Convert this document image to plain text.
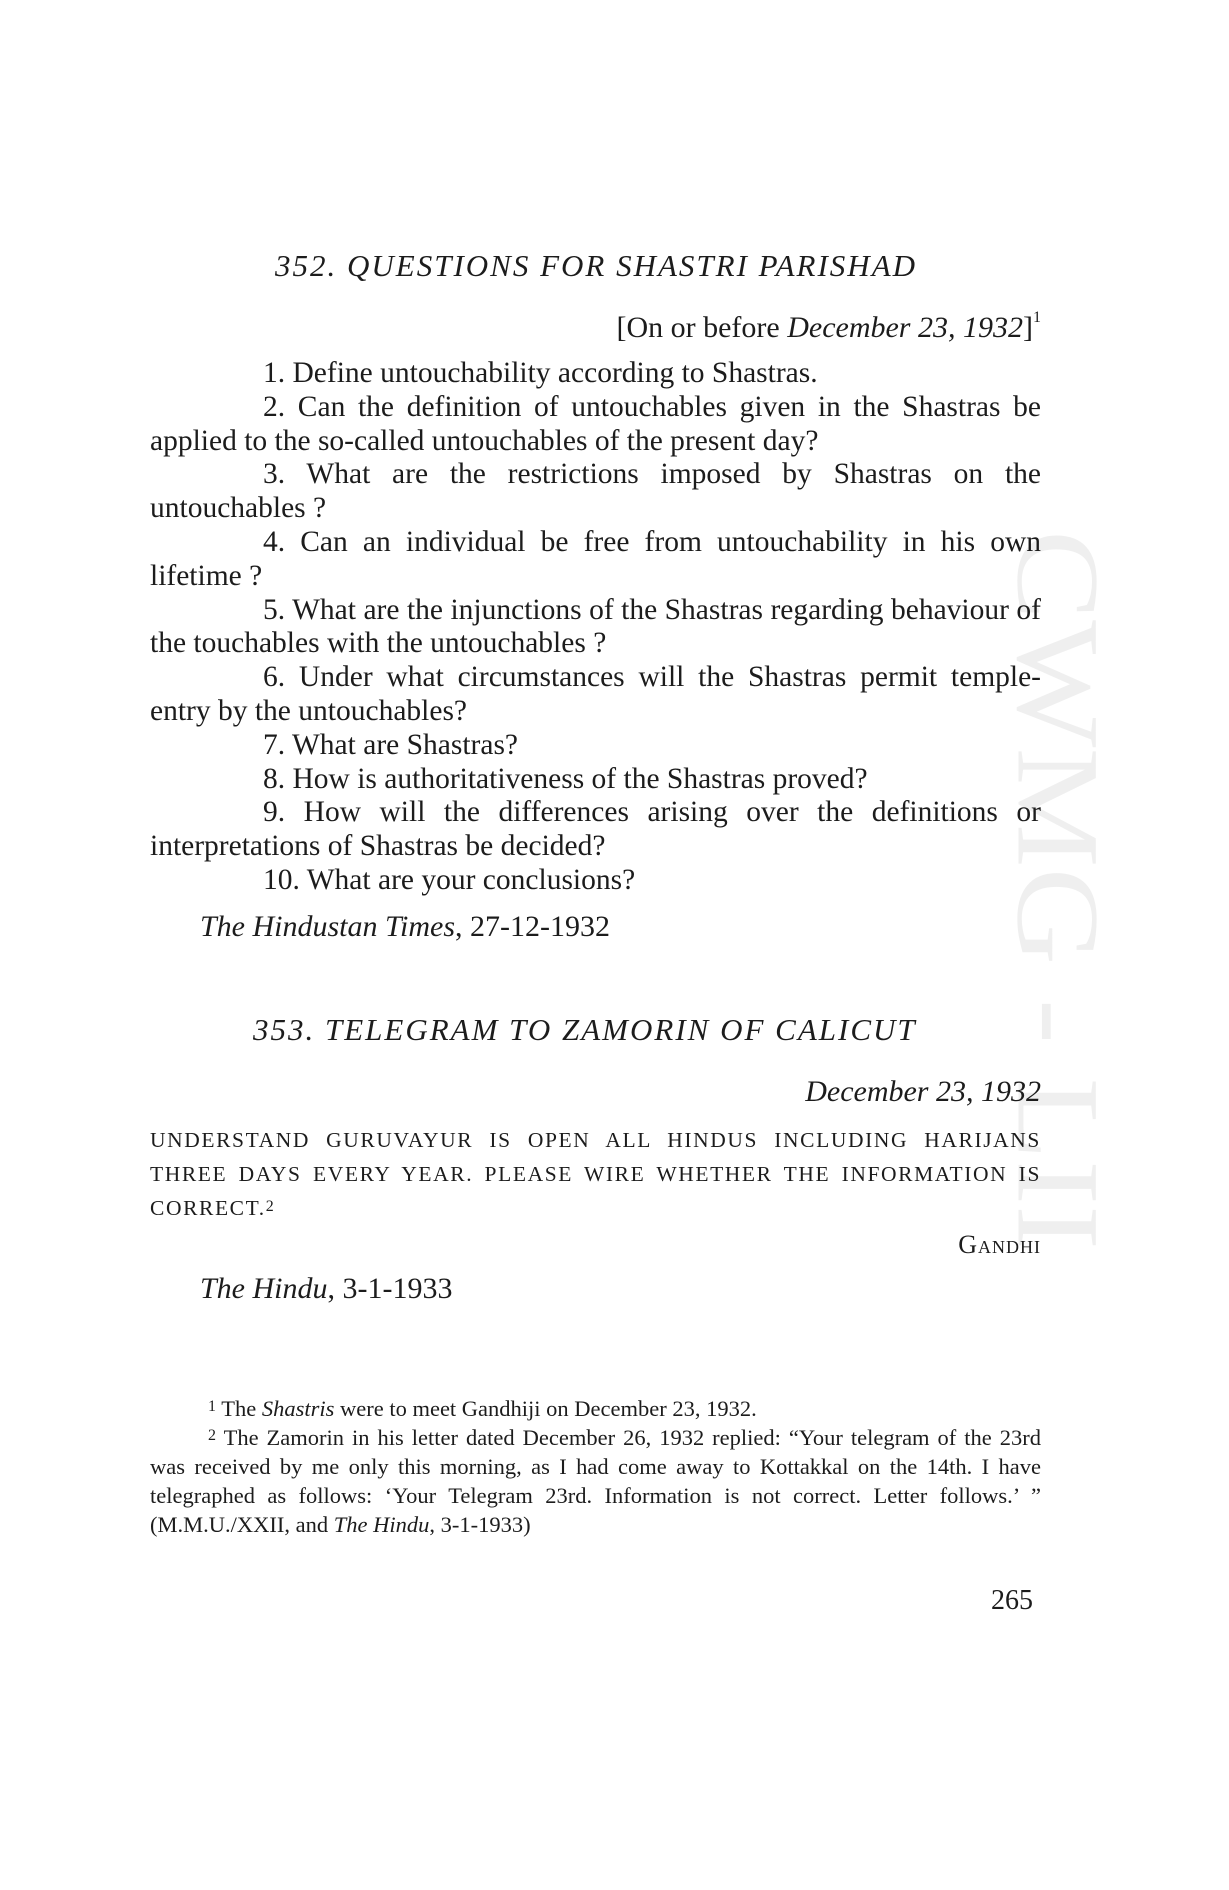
CWMG - LII
352. QUESTIONS FOR SHASTRI PARISHAD
[On or before December 23, 1932]$^1$

1. Define untouchability according to Shastras.

2. Can the definition of untouchables given in the Shastras be applied to the so-called untouchables of the present day?

3. What are the restrictions imposed by Shastras on the untouchables ?

4. Can an individual be free from untouchability in his own lifetime ?

5. What are the injunctions of the Shastras regarding behaviour of the touchables with the untouchables ?

6. Under what circumstances will the Shastras permit temple-entry by the untouchables?

7. What are Shastras?

8. How is authoritativeness of the Shastras proved?

9. How will the differences arising over the definitions or interpretations of Shastras be decided?

10. What are your conclusions?

The Hindustan Times, 27-12-1932
353. TELEGRAM TO ZAMORIN OF CALICUT
December 23, 1932
UNDERSTAND GURUVAYUR IS OPEN ALL HINDUS INCLUDING HARIJANS THREE DAYS EVERY YEAR. PLEASE WIRE WHETHER THE INFORMATION IS CORRECT.$^2$
Gandhi
The Hindu, 3-1-1933

$^1$ The Shastris were to meet Gandhiji on December 23, 1932.

$^2$ The Zamorin in his letter dated December 26, 1932 replied: “Your telegram of the 23rd was received by me only this morning, as I had come away to Kottakkal on the 14th. I have telegraphed as follows: ‘Your Telegram 23rd. Information is not correct. Letter follows.’ ” (M.M.U./XXII, and The Hindu, 3-1-1933)

265
